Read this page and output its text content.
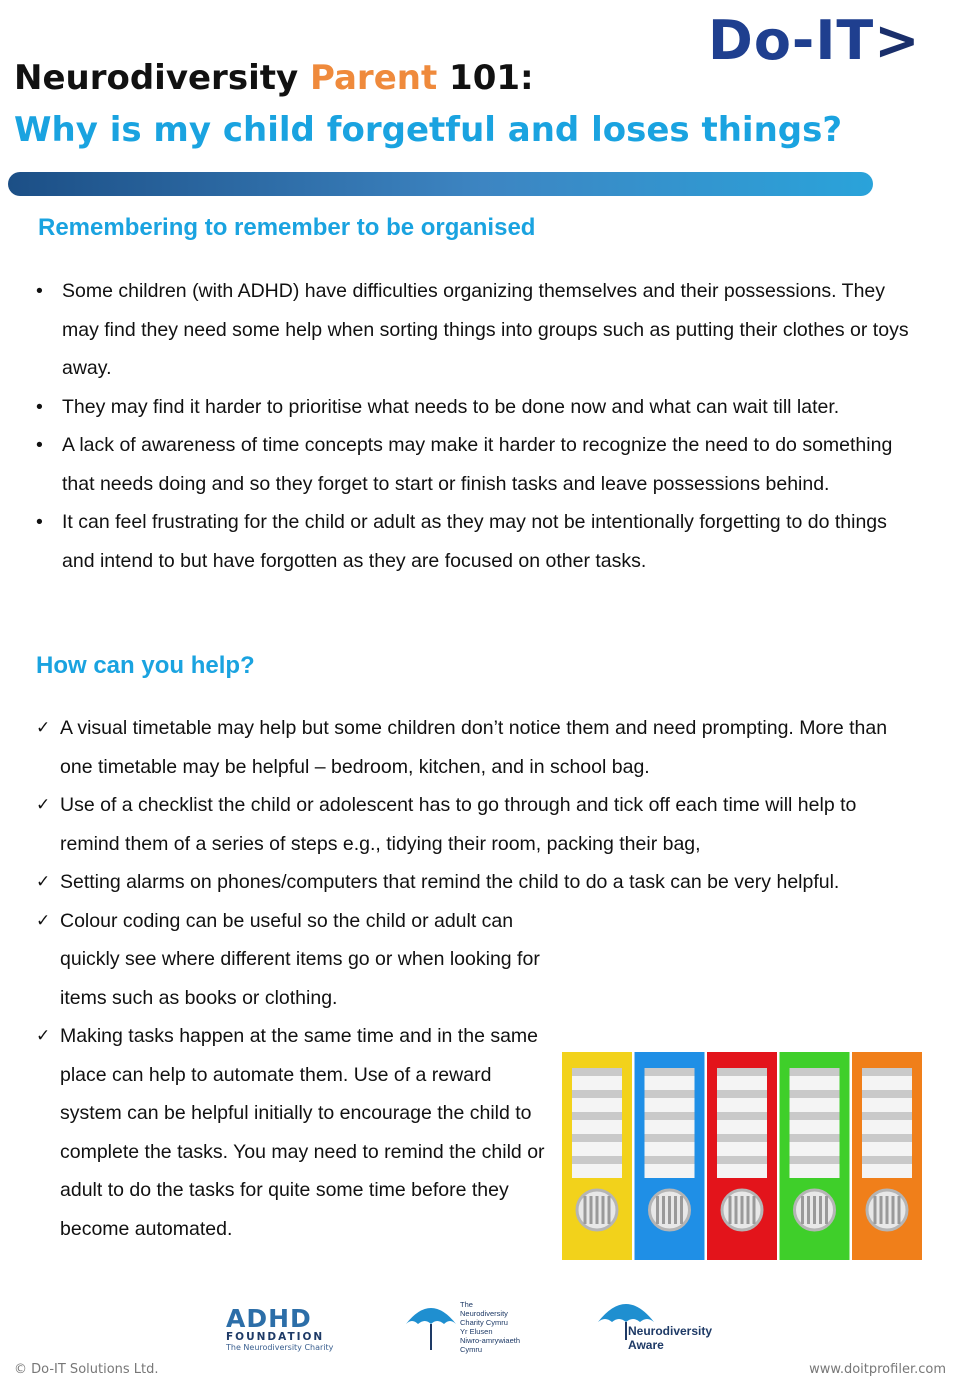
Do-IT>
Neurodiversity Parent 101:
Why is my child forgetful and loses things?
Remembering to remember to be organised
• Some children (with ADHD) have difficulties organizing themselves and their possessions. They may find they need some help when sorting things into groups such as putting their clothes or toys away.
• They may find it harder to prioritise what needs to be done now and what can wait till later.
• A lack of awareness of time concepts may make it harder to recognize the need to do something that needs doing and so they forget to start or finish tasks and leave possessions behind.
• It can feel frustrating for the child or adult as they may not be intentionally forgetting to do things and intend to but have forgotten as they are focused on other tasks.
How can you help?
✓ A visual timetable may help but some children don’t notice them and need prompting. More than one timetable may be helpful – bedroom, kitchen, and in school bag.
✓ Use of a checklist the child or adolescent has to go through and tick off each time will help to remind them of a series of steps e.g., tidying their room, packing their bag,
✓ Setting alarms on phones/computers that remind the child to do a task can be very helpful.
✓ Colour coding can be useful so the child or adult can quickly see where different items go or when looking for items such as books or clothing.
✓ Making tasks happen at the same time and in the same place can help to automate them. Use of a reward system can be helpful initially to encourage the child to complete the tasks. You may need to remind the child or adult to do the tasks for quite some time before they become automated.
ADHD
FOUNDATION
The Neurodiversity Charity
The
Neurodiversity
Charity Cymru
Yr Elusen
Niwro-amrywiaeth
Cymru
Neurodiversity
Aware
© Do-IT Solutions Ltd.	www.doitprofiler.com
